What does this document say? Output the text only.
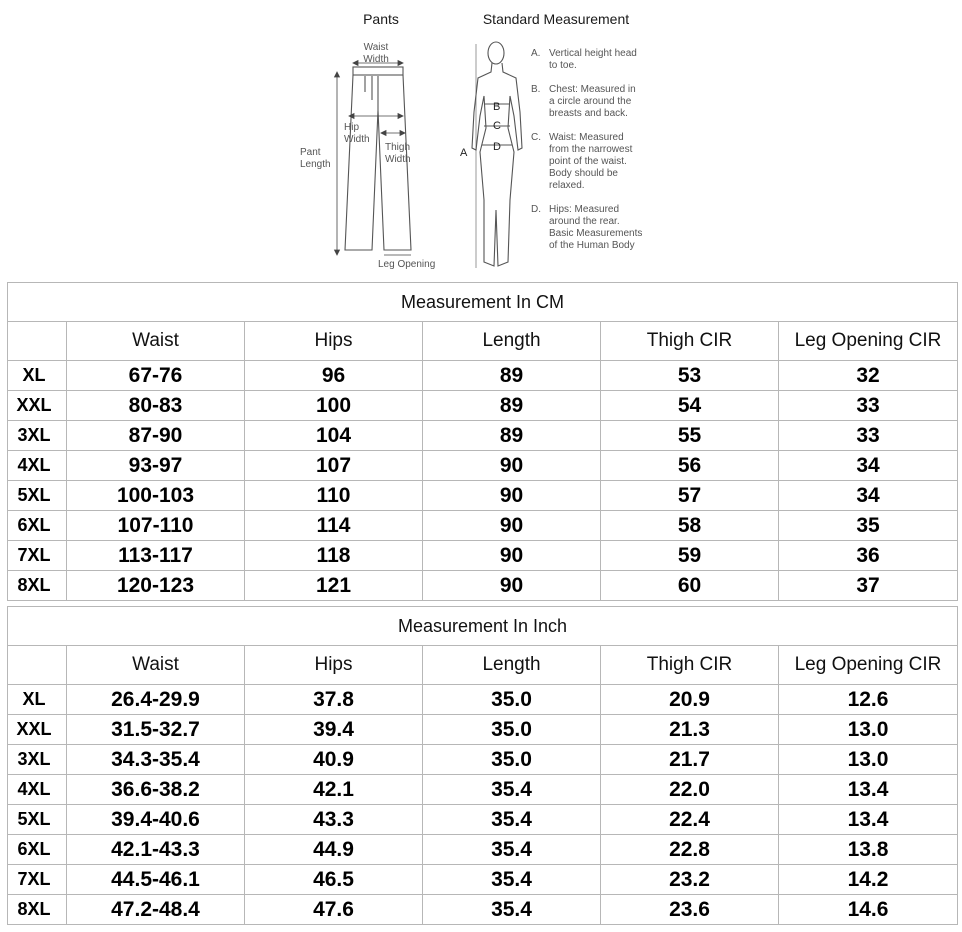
Pants	Standard Measurement
Waist
Width
Hip
Width
Thigh
Width
Pant
Length
Leg Opening
A
B
C
D
A. Vertical height head
to toe.
B. Chest: Measured in
a circle around the
breasts and back.
C. Waist: Measured
from the narrowest
point of the waist.
Body should be
relaxed.
D. Hips: Measured
around the rear.
Basic Measurements
of the Human Body
Measurement In CM					
	Waist	Hips	Length	Thigh CIR	Leg Opening CIR
XL	67-76	96	89	53	32
XXL	80-83	100	89	54	33
3XL	87-90	104	89	55	33
4XL	93-97	107	90	56	34
5XL	100-103	110	90	57	34
6XL	107-110	114	90	58	35
7XL	113-117	118	90	59	36
8XL	120-123	121	90	60	37
Measurement In Inch					
	Waist	Hips	Length	Thigh CIR	Leg Opening CIR
XL	26.4-29.9	37.8	35.0	20.9	12.6
XXL	31.5-32.7	39.4	35.0	21.3	13.0
3XL	34.3-35.4	40.9	35.0	21.7	13.0
4XL	36.6-38.2	42.1	35.4	22.0	13.4
5XL	39.4-40.6	43.3	35.4	22.4	13.4
6XL	42.1-43.3	44.9	35.4	22.8	13.8
7XL	44.5-46.1	46.5	35.4	23.2	14.2
8XL	47.2-48.4	47.6	35.4	23.6	14.6
